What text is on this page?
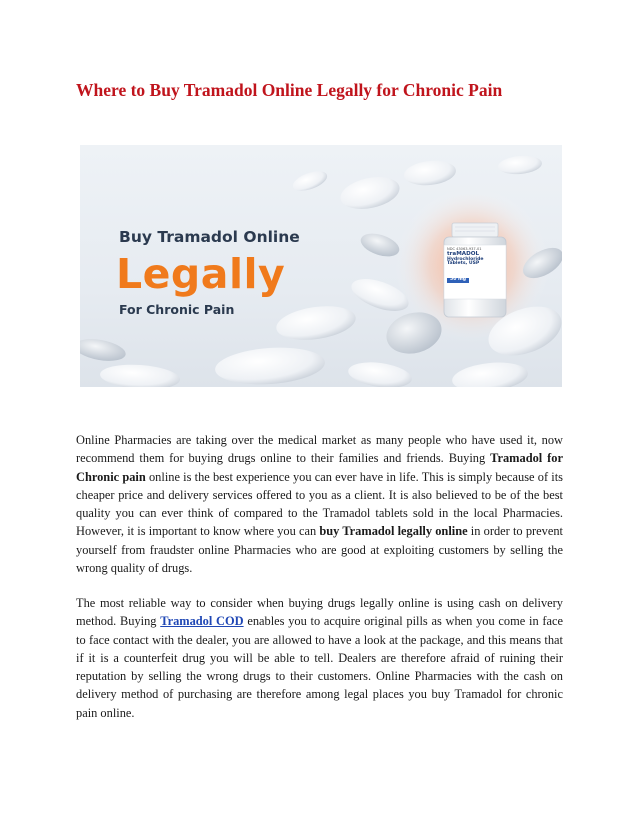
Where to Buy Tramadol Online Legally for Chronic Pain
Buy Tramadol Online
Legally
For Chronic Pain
NDC 43063-937-01
traMADOL
Hydrochloride
Tablets, USP
50 mg

Online Pharmacies are taking over the medical market as many people who have used it, now recommend them for buying drugs online to their families and friends. Buying Tramadol for Chronic pain online is the best experience you can ever have in life. This is simply because of its cheaper price and delivery services offered to you as a client. It is also believed to be of the best quality you can ever think of compared to the Tramadol tablets sold in the local Pharmacies. However, it is important to know where you can buy Tramadol legally online in order to prevent yourself from fraudster online Pharmacies who are good at exploiting customers by selling the wrong quality of drugs.

The most reliable way to consider when buying drugs legally online is using cash on delivery method. Buying Tramadol COD enables you to acquire original pills as when you come in face to face contact with the dealer, you are allowed to have a look at the package, and this means that if it is a counterfeit drug you will be able to tell. Dealers are therefore afraid of ruining their reputation by selling the wrong drugs to their customers. Online Pharmacies with the cash on delivery method of purchasing are therefore among legal places you buy Tramadol for chronic pain online.
